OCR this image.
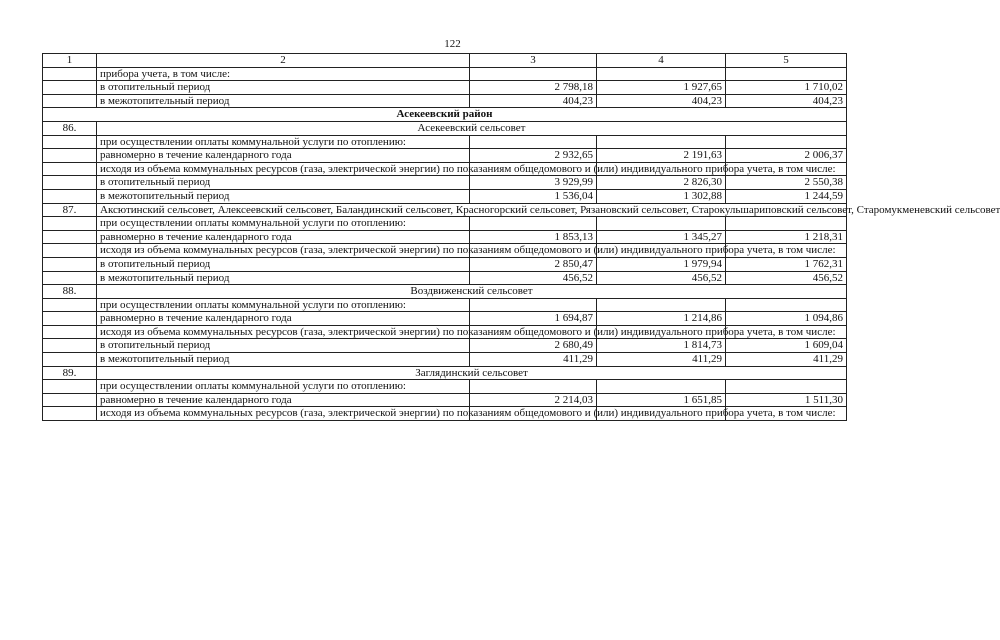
122
1	2	3	4	5
	прибора учета, в том числе:			
	в отопительный период	2 798,18	1 927,65	1 710,02
	в межотопительный период	404,23	404,23	404,23
Асекеевский район				
86.	Асекеевский сельсовет			
	при осуществлении оплаты коммунальной услуги по отоплению:			
	равномерно в течение календарного года	2 932,65	2 191,63	2 006,37
	исходя из объема коммунальных ресурсов (газа, электрической энергии) по показаниям общедомового и (или) индивидуального прибора учета, в том числе:			
	в отопительный период	3 929,99	2 826,30	2 550,38
	в межотопительный период	1 536,04	1 302,88	1 244,59
87.	Аксютинский сельсовет, Алексеевский сельсовет, Баландинский сельсовет, Красногорский сельсовет, Рязановский сельсовет, Старокульшариповский сельсовет, Старомукменевский сельсовет			
	при осуществлении оплаты коммунальной услуги по отоплению:			
	равномерно в течение календарного года	1 853,13	1 345,27	1 218,31
	исходя из объема коммунальных ресурсов (газа, электрической энергии) по показаниям общедомового и (или) индивидуального прибора учета, в том числе:			
	в отопительный период	2 850,47	1 979,94	1 762,31
	в межотопительный период	456,52	456,52	456,52
88.	Воздвиженский сельсовет			
	при осуществлении оплаты коммунальной услуги по отоплению:			
	равномерно в течение календарного года	1 694,87	1 214,86	1 094,86
	исходя из объема коммунальных ресурсов (газа, электрической энергии) по показаниям общедомового и (или) индивидуального прибора учета, в том числе:			
	в отопительный период	2 680,49	1 814,73	1 609,04
	в межотопительный период	411,29	411,29	411,29
89.	Заглядинский сельсовет			
	при осуществлении оплаты коммунальной услуги по отоплению:			
	равномерно в течение календарного года	2 214,03	1 651,85	1 511,30
	исходя из объема коммунальных ресурсов (газа, электрической энергии) по показаниям общедомового и (или) индивидуального прибора учета, в том числе:			
